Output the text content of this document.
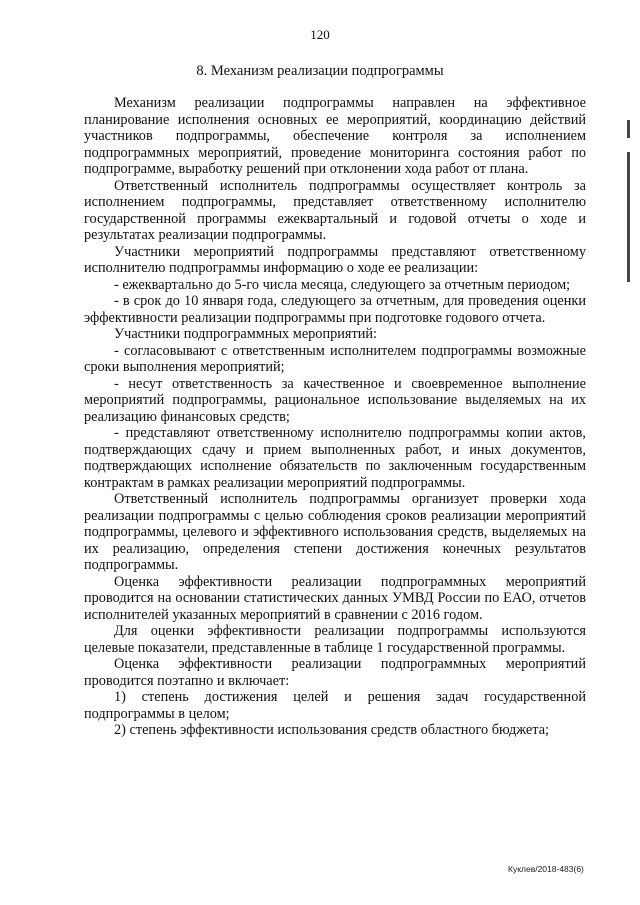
120
8. Механизм реализации подпрограммы

Механизм реализации подпрограммы направлен на эффективное планирование исполнения основных ее мероприятий, координацию действий участников подпрограммы, обеспечение контроля за исполнением подпрограммных мероприятий, проведение мониторинга состояния работ по подпрограмме, выработку решений при отклонении хода работ от плана.

Ответственный исполнитель подпрограммы осуществляет контроль за исполнением подпрограммы, представляет ответственному исполнителю государственной программы ежеквартальный и годовой отчеты о ходе и результатах реализации подпрограммы.

Участники мероприятий подпрограммы представляют ответственному исполнителю подпрограммы информацию о ходе ее реализации:

- ежеквартально до 5-го числа месяца, следующего за отчетным периодом;

- в срок до 10 января года, следующего за отчетным, для проведения оценки эффективности реализации подпрограммы при подготовке годового отчета.

Участники подпрограммных мероприятий:

- согласовывают с ответственным исполнителем подпрограммы возможные сроки выполнения мероприятий;

- несут ответственность за качественное и своевременное выполнение мероприятий подпрограммы, рациональное использование выделяемых на их реализацию финансовых средств;

- представляют ответственному исполнителю подпрограммы копии актов, подтверждающих сдачу и прием выполненных работ, и иных документов, подтверждающих исполнение обязательств по заключенным государственным контрактам в рамках реализации мероприятий подпрограммы.

Ответственный исполнитель подпрограммы организует проверки хода реализации подпрограммы с целью соблюдения сроков реализации мероприятий подпрограммы, целевого и эффективного использования средств, выделяемых на их реализацию, определения степени достижения конечных результатов подпрограммы.

Оценка эффективности реализации подпрограммных мероприятий проводится на основании статистических данных УМВД России по ЕАО, отчетов исполнителей указанных мероприятий в сравнении с 2016 годом.

Для оценки эффективности реализации подпрограммы используются целевые показатели, представленные в таблице 1 государственной программы.

Оценка эффективности реализации подпрограммных мероприятий проводится поэтапно и включает:

1) степень достижения целей и решения задач государственной подпрограммы в целом;

2) степень эффективности использования средств областного бюджета;

Куклев/2018-483(6)
